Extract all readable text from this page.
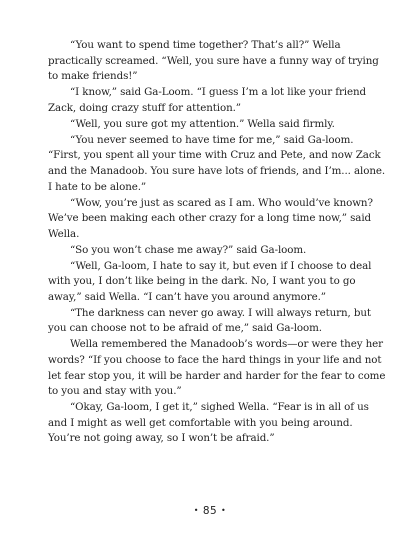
“You want to spend time together? That’s all?” Wella practically screamed. “Well, you sure have a funny way of trying to make friends!”

“I know,” said Ga-Loom. “I guess I’m a lot like your friend Zack, doing crazy stuff for attention.”

“Well, you sure got my attention.” Wella said firmly.

“You never seemed to have time for me,” said Ga-loom. “First, you spent all your time with Cruz and Pete, and now Zack and the Manadoob. You sure have lots of friends, and I’m... alone. I hate to be alone.”

“Wow, you’re just as scared as I am. Who would’ve known? We’ve been making each other crazy for a long time now,” said Wella.

“So you won’t chase me away?” said Ga-loom.

“Well, Ga-loom, I hate to say it, but even if I choose to deal with you, I don’t like being in the dark. No, I want you to go away,” said Wella. “I can’t have you around anymore.”

“The darkness can never go away. I will always return, but you can choose not to be afraid of me,” said Ga-loom.

Wella remembered the Manadoob’s words—or were they her words? “If you choose to face the hard things in your life and not let fear stop you, it will be harder and harder for the fear to come to you and stay with you.”

“Okay, Ga-loom, I get it,” sighed Wella. “Fear is in all of us and I might as well get comfortable with you being around. You’re not going away, so I won’t be afraid.”

• 85 •
